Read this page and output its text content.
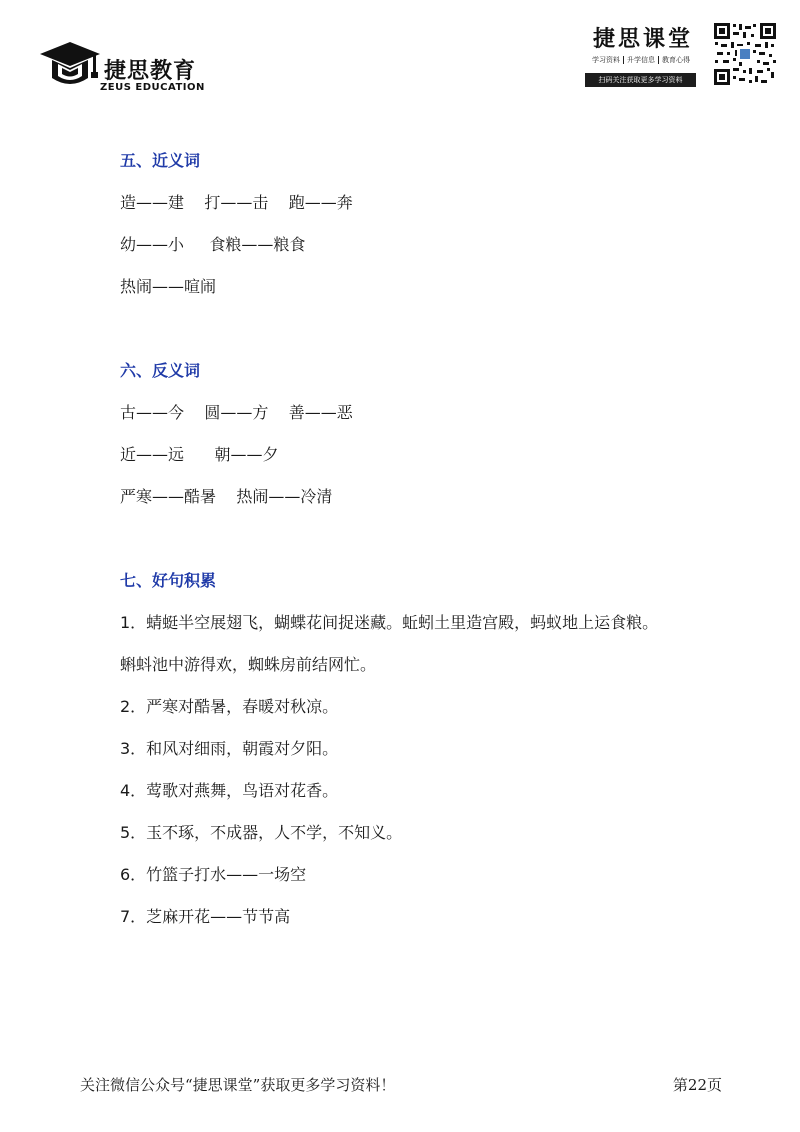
捷思教育
ZEUS EDUCATION
捷思课堂
学习资料 升学信息 教育心得
扫码关注获取更多学习资料
五、近义词
造——建    打——击    跑——奔
幼——小     食粮——粮食
热闹——喧闹
六、反义词
古——今    圆——方    善——恶
近——远      朝——夕
严寒——酷暑    热闹——冷清
七、好句积累
1．蜻蜓半空展翅飞，蝴蝶花间捉迷藏。蚯蚓土里造宫殿，蚂蚁地上运食粮。
蝌蚪池中游得欢，蜘蛛房前结网忙。
2．严寒对酷暑，春暖对秋凉。
3．和风对细雨，朝霞对夕阳。
4．莺歌对燕舞，鸟语对花香。
5．玉不琢，不成器，人不学，不知义。
6．竹篮子打水——一场空
7．芝麻开花——节节高
关注微信公众号“捷思课堂”获取更多学习资料！	第22页
